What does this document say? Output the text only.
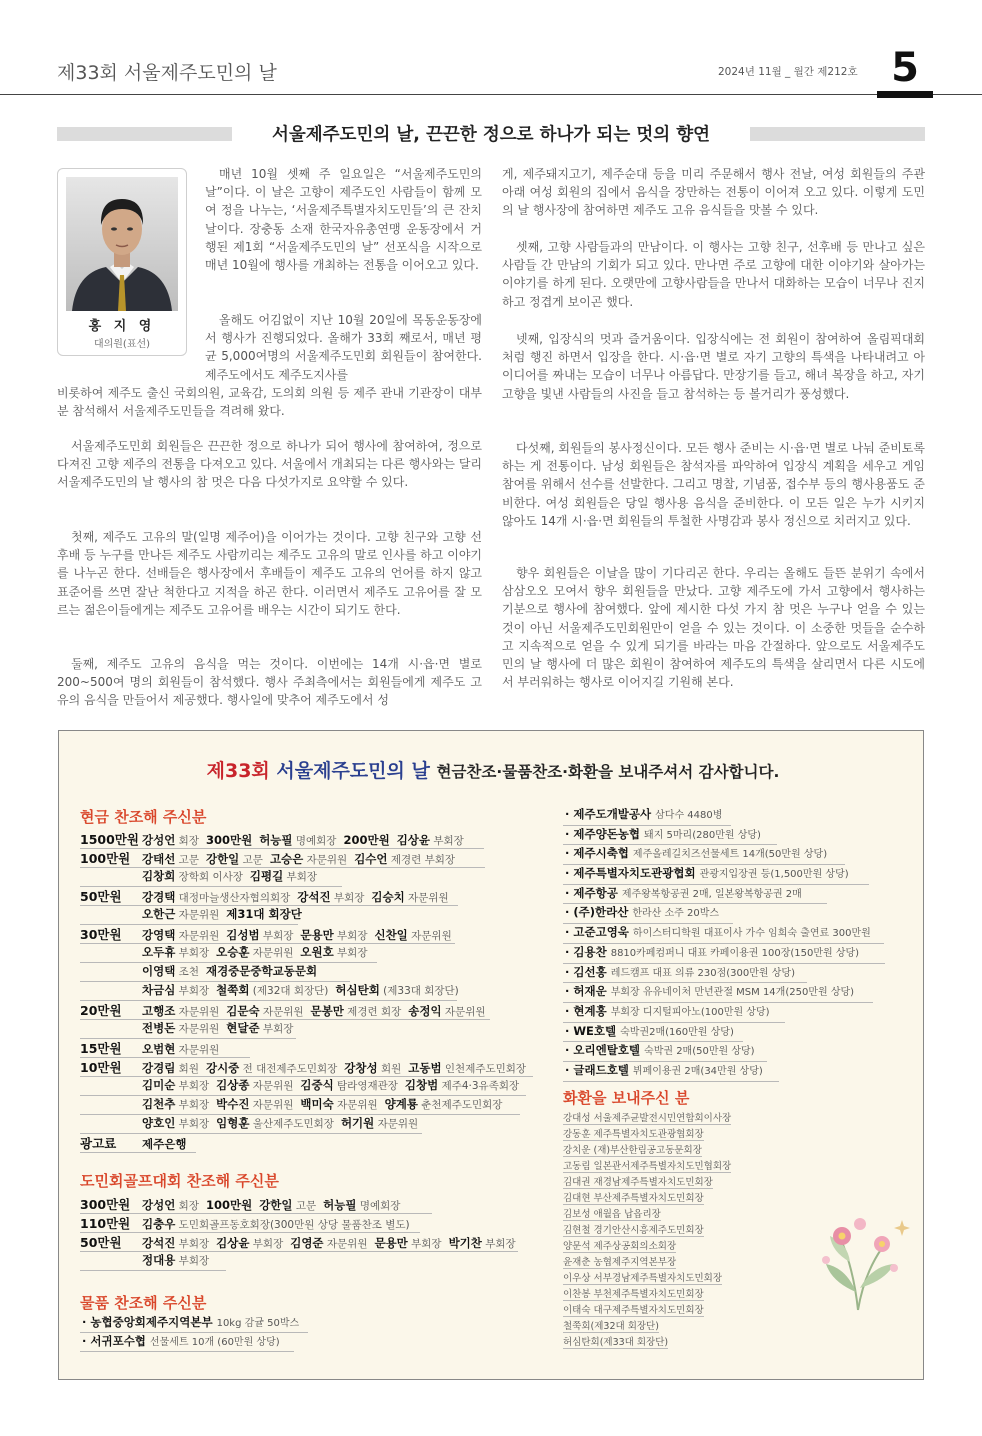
제33회 서울제주도민의 날	2024년 11월 _ 월간 제212호 5
서울제주도민의 날, 끈끈한 정으로 하나가 되는 멋의 향연
홍 지 영
대의원(표선)
매년 10월 셋째 주 일요일은 “서울제주도민의 날”이다. 이 날은 고향이 제주도인 사람들이 함께 모여 정을 나누는, ‘서울제주특별자치도민들’의 큰 잔치 날이다. 장충동 소재 한국자유총연맹 운동장에서 거행된 제1회 “서울제주도민의 날” 선포식을 시작으로 매년 10월에 행사를 개최하는 전통을 이어오고 있다.
올해도 어김없이 지난 10월 20일에 목동운동장에서 행사가 진행되었다. 올해가 33회 째로서, 매년 평균 5,000여명의 서울제주도민회 회원들이 참여한다. 제주도에서도 제주도지사를
비롯하여 제주도 출신 국회의원, 교육감, 도의회 의원 등 제주 관내 기관장이 대부분 참석해서 서울제주도민들을 격려해 왔다.
서울제주도민회 회원들은 끈끈한 정으로 하나가 되어 행사에 참여하여, 정으로 다져진 고향 제주의 전통을 다져오고 있다. 서울에서 개최되는 다른 행사와는 달리 서울제주도민의 날 행사의 참 멋은 다음 다섯가지로 요약할 수 있다.
첫째, 제주도 고유의 말(일명 제주어)을 이어가는 것이다. 고향 친구와 고향 선후배 등 누구를 만나든 제주도 사람끼리는 제주도 고유의 말로 인사를 하고 이야기를 나누곤 한다. 선배들은 행사장에서 후배들이 제주도 고유의 언어를 하지 않고 표준어를 쓰면 잘난 척한다고 지적을 하곤 한다. 이러면서 제주도 고유어를 잘 모르는 젊은이들에게는 제주도 고유어를 배우는 시간이 되기도 한다.
둘째, 제주도 고유의 음식을 먹는 것이다. 이번에는 14개 시·읍·면 별로 200~500여 명의 회원들이 참석했다. 행사 주최측에서는 회원들에게 제주도 고유의 음식을 만들어서 제공했다. 행사일에 맞추어 제주도에서 성
게, 제주돼지고기, 제주순대 등을 미리 주문해서 행사 전날, 여성 회원들의 주관 아래 여성 회원의 집에서 음식을 장만하는 전통이 이어져 오고 있다. 이렇게 도민의 날 행사장에 참여하면 제주도 고유 음식들을 맛볼 수 있다.
셋째, 고향 사람들과의 만남이다. 이 행사는 고향 친구, 선후배 등 만나고 싶은 사람들 간 만남의 기회가 되고 있다. 만나면 주로 고향에 대한 이야기와 살아가는 이야기를 하게 된다. 오랫만에 고향사람들을 만나서 대화하는 모습이 너무나 진지하고 정겹게 보이곤 했다.
넷째, 입장식의 멋과 즐거움이다. 입장식에는 전 회원이 참여하여 올림픽대회처럼 행진 하면서 입장을 한다. 시·읍·면 별로 자기 고향의 특색을 나타내려고 아이디어를 짜내는 모습이 너무나 아름답다. 만장기를 들고, 해녀 복장을 하고, 자기 고향을 빛낸 사람들의 사진을 들고 참석하는 등 볼거리가 풍성했다.
다섯째, 회원들의 봉사정신이다. 모든 행사 준비는 시·읍·면 별로 나눠 준비토록 하는 게 전통이다. 남성 회원들은 참석자를 파악하여 입장식 계획을 세우고 게임참여를 위해서 선수를 선발한다. 그리고 명찰, 기념품, 접수부 등의 행사용품도 준비한다. 여성 회원들은 당일 행사용 음식을 준비한다. 이 모든 일은 누가 시키지 않아도 14개 시·읍·면 회원들의 투철한 사명감과 봉사 정신으로 치러지고 있다.
향우 회원들은 이날을 많이 기다리곤 한다. 우리는 올해도 들뜬 분위기 속에서 삼삼오오 모여서 향우 회원들을 만났다. 고향 제주도에 가서 고향에서 행사하는 기분으로 행사에 참여했다. 앞에 제시한 다섯 가지 참 멋은 누구나 얻을 수 있는 것이 아닌 서울제주도민회원만이 얻을 수 있는 것이다. 이 소중한 멋들을 순수하고 지속적으로 얻을 수 있게 되기를 바라는 마음 간절하다. 앞으로도 서울제주도민의 날 행사에 더 많은 회원이 참여하여 제주도의 특색을 살리면서 다른 시도에서 부러워하는 행사로 이어지길 기원해 본다.
제33회 서울제주도민의 날 현금찬조·물품찬조·화환을 보내주셔서 감사합니다.
현금 찬조해 주신분
1500만원 강성언 회장 300만원 허능필 명예회장 200만원 김상윤 부회장
100만원	강태선 고문 강한일 고문 고승은 자문위원 김수언 제경련 부회장
김창희 장학회 이사장 김평길 부회장
50만원	강경택 대정마늘생산자협의회장 강석진 부회장 김승치 자문위원
오한근 자문위원 제31대 회장단
30만원	강영택 자문위원 김성범 부회장 문용만 부회장 신찬일 자문위원
오두휴 부회장 오승훈 자문위원 오원호 부회장
이영택 조천 재경중문중학교동문회
차금심 부회장 철쭉회 (제32대 회장단) 허심탄회 (제33대 회장단)
20만원	고행조 자문위원 김문숙 자문위원 문봉만 제경련 회장 송정익 자문위원
전병돈 자문위원 현달준 부회장
15만원	오범현 자문위원
10만원	강경림 회원 강시중 전 대전제주도민회장 강창성 회원 고동범 인천제주도민회장
김미순 부회장 김상종 자문위원 김중식 탐라영재관장 김창범 제주4·3유족회장
김천추 부회장 박수진 자문위원 백미숙 자문위원 양계룡 춘천제주도민회장
양호인 부회장 임형훈 울산제주도민회장 허기원 자문위원
광고료	제주은행
도민회골프대회 찬조해 주신분
300만원	강성언 회장 100만원 강한일 고문 허능필 명예회장
110만원	김충우 도민회골프동호회장(300만원 상당 물품찬조 별도)
50만원	강석진 부회장 김상윤 부회장 김영준 자문위원 문용만 부회장 박기찬 부회장
정대용 부회장
물품 찬조해 주신분
· 농협중앙회제주지역본부 10kg 감귤 50박스
· 서귀포수협 선물세트 10개 (60만원 상당)
· 제주도개발공사 삼다수 4480병
· 제주양돈농협 돼지 5마리(280만원 상당)
· 제주시축협 제주올레길치즈선물세트 14개(50만원 상당)
· 제주특별자치도관광협회 관광지입장권 등(1,500만원 상당)
· 제주항공 제주왕복항공권 2매, 일본왕복항공권 2매
· (주)한라산 한라산 소주 20박스
· 고준고영욱 하이스터디학원 대표이사 가수 임희숙 출연료 300만원
· 김용찬 8810카페컴퍼니 대표 카페이용권 100장(150만원 상당)
· 김선홍 레드캠프 대표 의류 230점(300만원 상당)
· 허재운 부회장 유유네이처 만년관절 MSM 14개(250만원 상당)
· 현계홍 부회장 디지털피아노(100만원 상당)
· WE호텔 숙박권2매(160만원 상당)
· 오리엔탈호텔 숙박권 2매(50만원 상당)
· 글래드호텔 뷔페이용권 2매(34만원 상당)
화환을 보내주신 분
강대성 서울제주균발전시민연합회이사장
강동훈 제주특별자치도관광협회장
강치운 (재)부산한림공고동문회장
고동림 일본관서제주특별자치도민협회장
김대권 재경남제주특별자치도민회장
김대현 부산제주특별자치도민회장
김보성 애월읍 납읍리장
김현철 경기안산시흥제주도민회장
양문석 제주상공회의소회장
윤재춘 농협제주지역본부장
이우상 서부경남제주특별자치도민회장
이찬봉 부천제주특별자치도민회장
이태숙 대구제주특별자치도민회장
철쭉회(제32대 회장단)
허심탄회(제33대 회장단)
